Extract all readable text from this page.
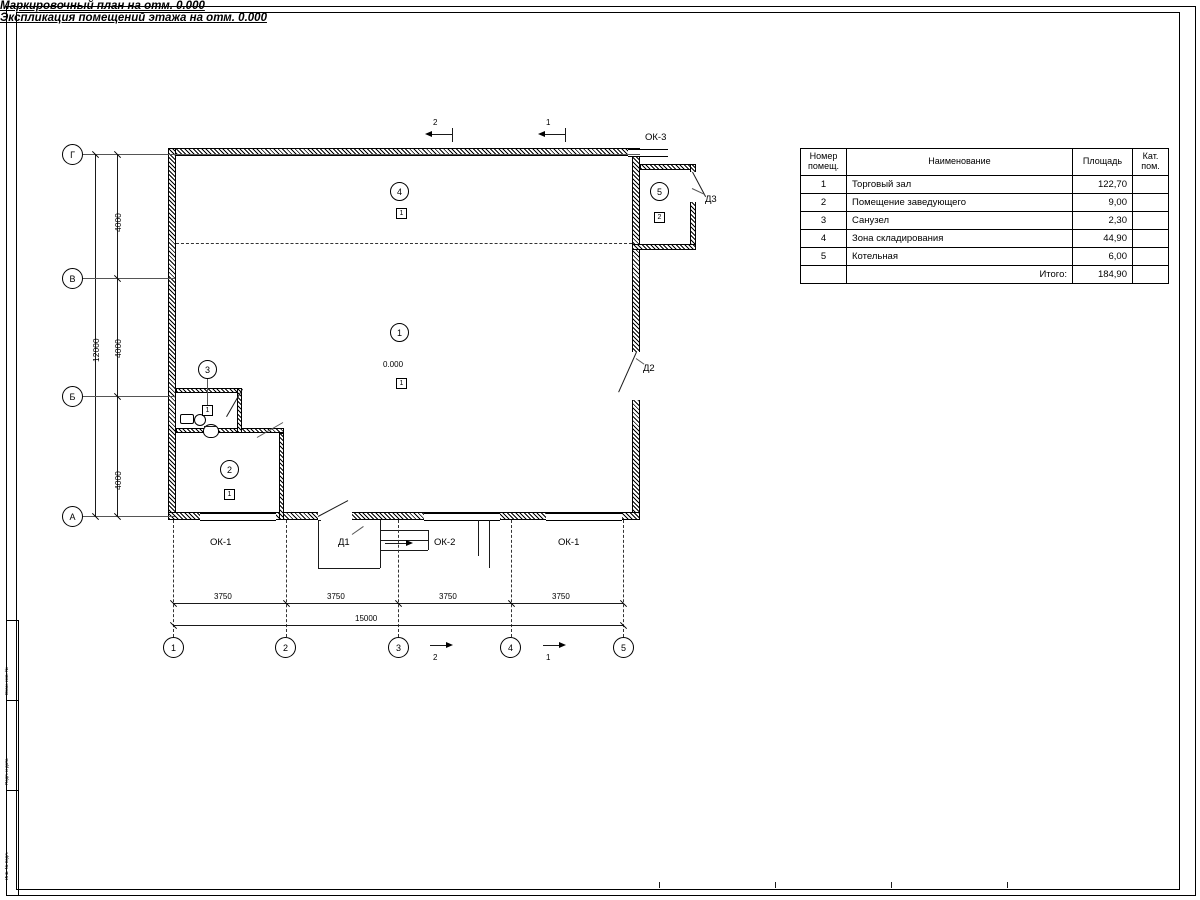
Взам. инв. №
Подп. и дата
Инв. № подл.
Маркировочный план на отм. 0.000
Экспликация помещений этажа на отм. 0.000
Номер помещ.	Наименование	Площадь	Кат. пом.
1	Торговый зал	122,70	
2	Помещение заведующего	9,00	
3	Санузел	2,30	
4	Зона складирования	44,90	
5	Котельная	6,00	
	Итого:	184,90	
4
1
1
0.000
1
3
1
2
1
5
2
Г
В
Б
А
4000
4000
4000
12000
1	2	3	4	5
3750	3750	3750	3750
15000
2	1
2	1
ОК-1	ОК-2	ОК-1
ОК-3
Д1
Д2
Д3
